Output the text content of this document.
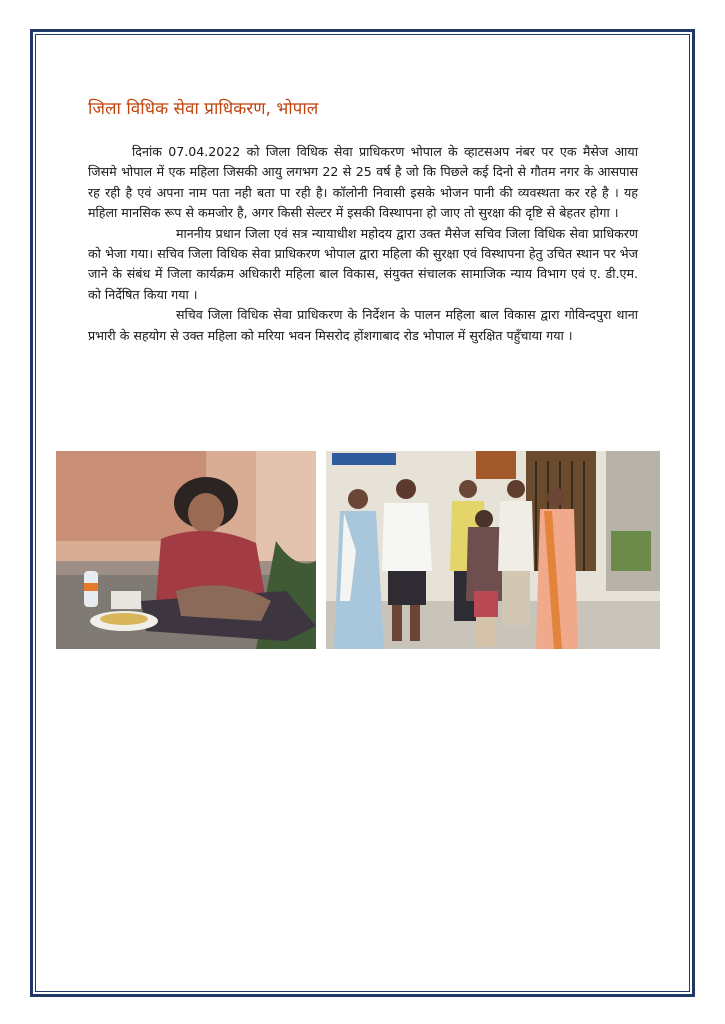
जिला विधिक सेवा प्राधिकरण, भोपाल

दिनांक 07.04.2022 को जिला विधिक सेवा प्राधिकरण भोपाल के व्हाटसअप नंबर पर एक मैसेज आया जिसमे भोपाल में एक महिला जिसकी आयु लगभग 22 से 25 वर्ष है जो कि पिछले कई दिनो से गौतम नगर के आसपास रह रही है एवं अपना नाम पता नही बता पा रही है। कॉलोनी निवासी इसके भोजन पानी की व्यवस्थता कर रहे है । यह महिला मानसिक रूप से कमजोर है, अगर किसी सेल्टर में इसकी विस्थापना हो जाए तो सुरक्षा की दृष्टि से बेहतर होगा ।

माननीय प्रधान जिला एवं सत्र न्यायाधीश महोदय द्वारा उक्त मैसेज सचिव जिला विधिक सेवा प्राधिकरण को भेजा गया। सचिव जिला विधिक सेवा प्राधिकरण भोपाल द्वारा महिला की सुरक्षा एवं विस्थापना हेतु उचित स्थान पर भेज जाने के संबंध में जिला कार्यक्रम अधिकारी महिला बाल विकास, संयुक्त संचालक सामाजिक न्याय विभाग एवं ए. डी.एम. को निर्देषित किया गया ।

सचिव जिला विधिक सेवा प्राधिकरण के निर्देशन के पालन महिला बाल विकास द्वारा गोविन्दपुरा थाना प्रभारी के सहयोग से उक्त महिला को मरिया भवन मिसरोद होंशगाबाद रोड भोपाल में सुरक्षित पहुँचाया गया ।
